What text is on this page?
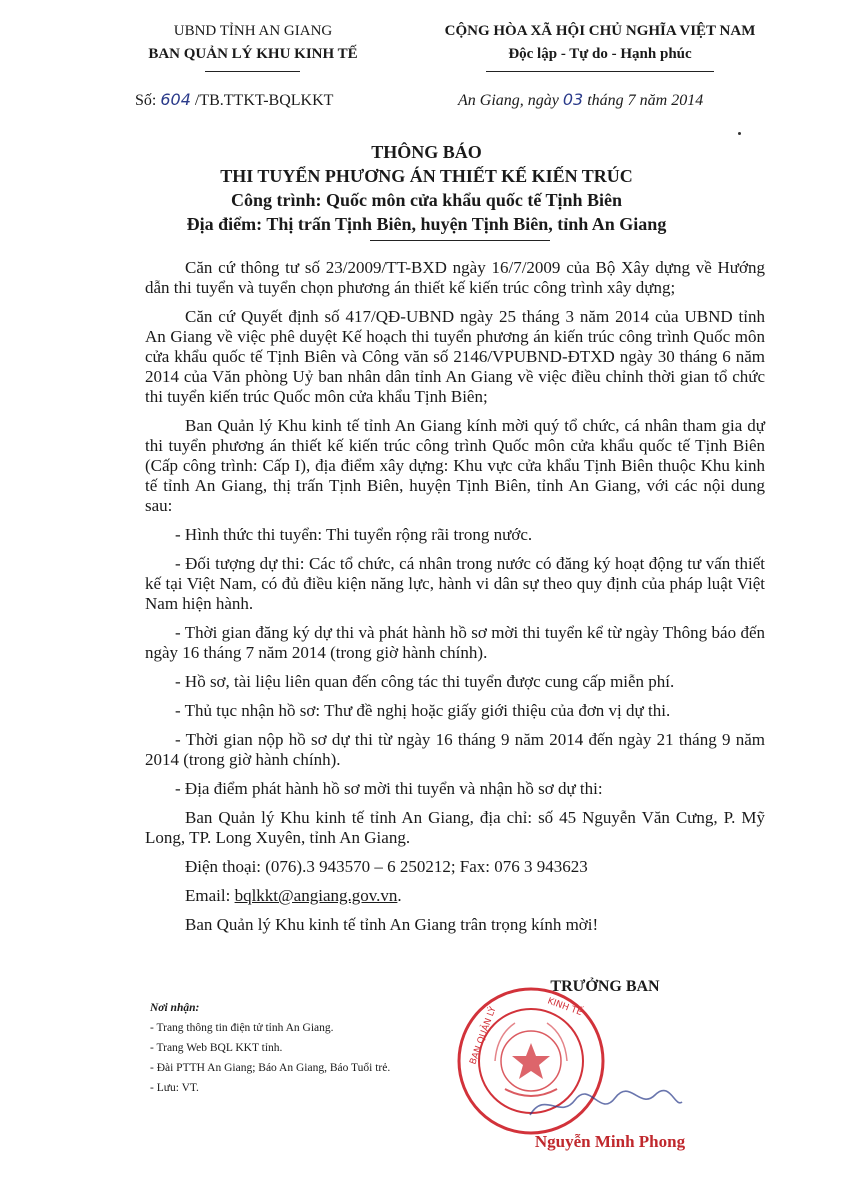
UBND TỈNH AN GIANG
BAN QUẢN LÝ KHU KINH TẾ
CỘNG HÒA XÃ HỘI CHỦ NGHĨA VIỆT NAM
Độc lập - Tự do - Hạnh phúc
Số: 604 /TB.TTKT-BQLKKT	An Giang, ngày 03 tháng 7 năm 2014
THÔNG BÁO
THI TUYỂN PHƯƠNG ÁN THIẾT KẾ KIẾN TRÚC
Công trình: Quốc môn cửa khẩu quốc tế Tịnh Biên
Địa điểm: Thị trấn Tịnh Biên, huyện Tịnh Biên, tỉnh An Giang

Căn cứ thông tư số 23/2009/TT-BXD ngày 16/7/2009 của Bộ Xây dựng về Hướng dẫn thi tuyển và tuyển chọn phương án thiết kế kiến trúc công trình xây dựng;

Căn cứ Quyết định số 417/QĐ-UBND ngày 25 tháng 3 năm 2014 của UBND tỉnh An Giang về việc phê duyệt Kế hoạch thi tuyển phương án kiến trúc công trình Quốc môn cửa khẩu quốc tế Tịnh Biên và Công văn số 2146/VPUBND-ĐTXD ngày 30 tháng 6 năm 2014 của Văn phòng Uỷ ban nhân dân tỉnh An Giang về việc điều chỉnh thời gian tổ chức thi tuyển kiến trúc Quốc môn cửa khẩu Tịnh Biên;

Ban Quản lý Khu kinh tế tỉnh An Giang kính mời quý tổ chức, cá nhân tham gia dự thi tuyển phương án thiết kế kiến trúc công trình Quốc môn cửa khẩu quốc tế Tịnh Biên (Cấp công trình: Cấp I), địa điểm xây dựng: Khu vực cửa khẩu Tịnh Biên thuộc Khu kinh tế tỉnh An Giang, thị trấn Tịnh Biên, huyện Tịnh Biên, tỉnh An Giang, với các nội dung sau:

- Hình thức thi tuyển: Thi tuyển rộng rãi trong nước.

- Đối tượng dự thi: Các tổ chức, cá nhân trong nước có đăng ký hoạt động tư vấn thiết kế tại Việt Nam, có đủ điều kiện năng lực, hành vi dân sự theo quy định của pháp luật Việt Nam hiện hành.

- Thời gian đăng ký dự thi và phát hành hồ sơ mời thi tuyển kể từ ngày Thông báo đến ngày 16 tháng 7 năm 2014 (trong giờ hành chính).

- Hồ sơ, tài liệu liên quan đến công tác thi tuyển được cung cấp miễn phí.

- Thủ tục nhận hồ sơ: Thư đề nghị hoặc giấy giới thiệu của đơn vị dự thi.

- Thời gian nộp hồ sơ dự thi từ ngày 16 tháng 9 năm 2014 đến ngày 21 tháng 9 năm 2014 (trong giờ hành chính).

- Địa điểm phát hành hồ sơ mời thi tuyển và nhận hồ sơ dự thi:

Ban Quản lý Khu kinh tế tỉnh An Giang, địa chỉ: số 45 Nguyễn Văn Cưng, P. Mỹ Long, TP. Long Xuyên, tỉnh An Giang.

Điện thoại: (076).3 943570 – 6 250212; Fax: 076 3 943623

Email: bqlkkt@angiang.gov.vn.

Ban Quản lý Khu kinh tế tỉnh An Giang trân trọng kính mời!

Nơi nhận:
- Trang thông tin điện tử tỉnh An Giang.
- Trang Web BQL KKT tỉnh.
- Đài PTTH An Giang; Báo An Giang, Báo Tuổi trẻ.
- Lưu: VT.
BAN QUẢN LÝ	KINH TẾ
TRƯỞNG BAN
Nguyễn Minh Phong
